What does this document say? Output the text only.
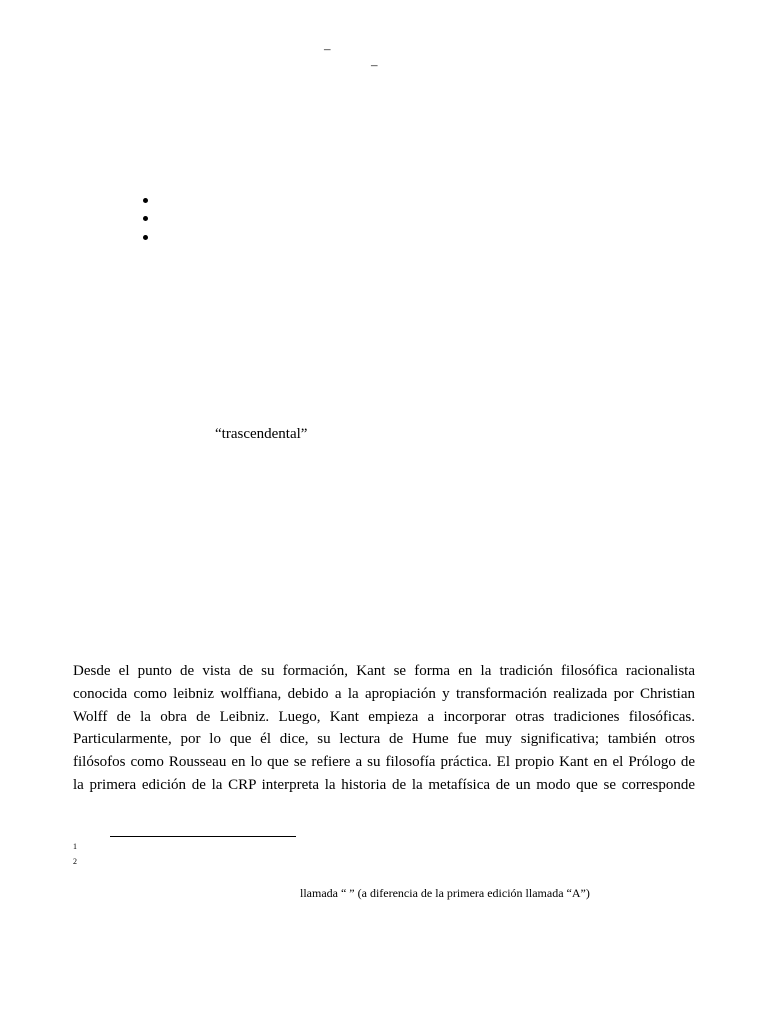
–
–
“trascendental”

Desde el punto de vista de su formación, Kant se forma en la tradición filosófica racionalista

conocida como leibniz wolffiana, debido a la apropiación y transformación realizada por Christian

Wolff de la obra de Leibniz. Luego, Kant empieza a incorporar otras tradiciones filosóficas.

Particularmente, por lo que él dice, su lectura de Hume fue muy significativa; también otros

filósofos como Rousseau en lo que se refiere a su filosofía práctica. El propio Kant en el Prólogo de

la primera edición de la CRP interpreta la historia de la metafísica de un modo que se corresponde

1
2
llamada “ ” (a diferencia de la primera edición llamada “A”)
